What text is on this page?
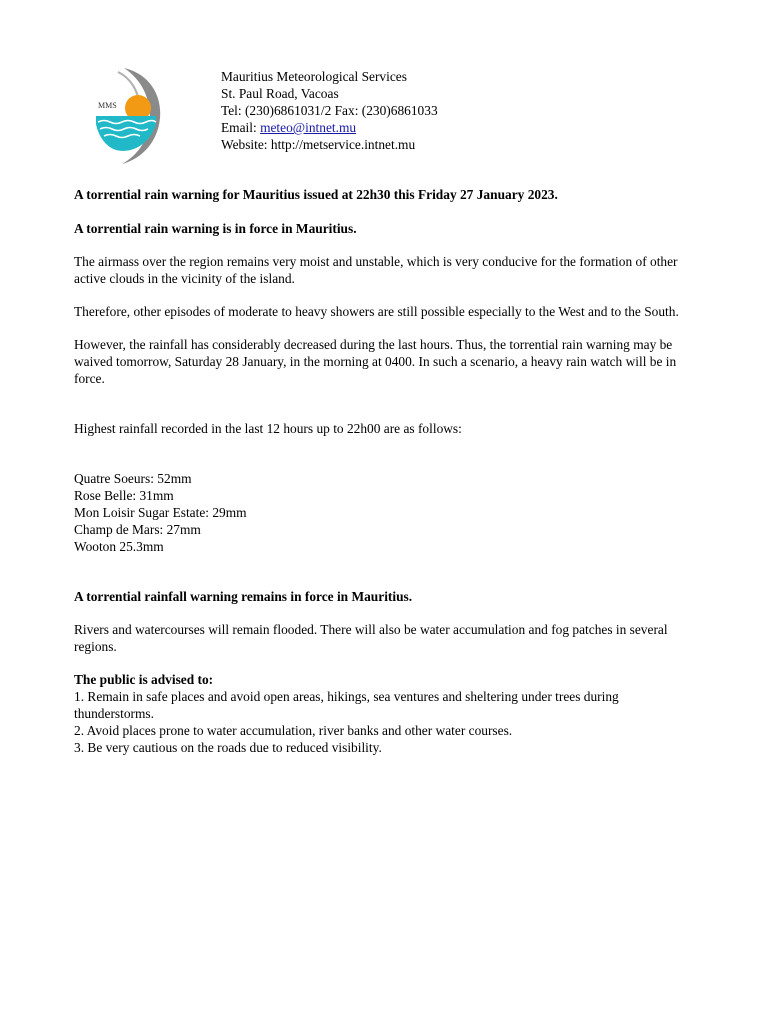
MMS
Mauritius Meteorological Services
St. Paul Road, Vacoas
Tel: (230)6861031/2 Fax: (230)6861033
Email: meteo@intnet.mu
Website: http://metservice.intnet.mu

A torrential rain warning for Mauritius issued at 22h30 this Friday 27 January 2023.

A torrential rain warning is in force in Mauritius.

The airmass over the region remains very moist and unstable, which is very conducive for the formation of other active clouds in the vicinity of the island.

Therefore, other episodes of moderate to heavy showers are still possible especially to the West and to the South.

However, the rainfall has considerably decreased during the last hours. Thus, the torrential rain warning may be waived tomorrow, Saturday 28 January, in the morning at 0400. In such a scenario, a heavy rain watch will be in force.

Highest rainfall recorded in the last 12 hours up to 22h00 are as follows:

Quatre Soeurs: 52mm

Rose Belle: 31mm

Mon Loisir Sugar Estate: 29mm

Champ de Mars: 27mm

Wooton 25.3mm

A torrential rainfall warning remains in force in Mauritius.

Rivers and watercourses will remain flooded. There will also be water accumulation and fog patches in several regions.

The public is advised to:

1. Remain in safe places and avoid open areas, hikings, sea ventures and sheltering under trees during thunderstorms.

2. Avoid places prone to water accumulation, river banks and other water courses.

3. Be very cautious on the roads due to reduced visibility.
